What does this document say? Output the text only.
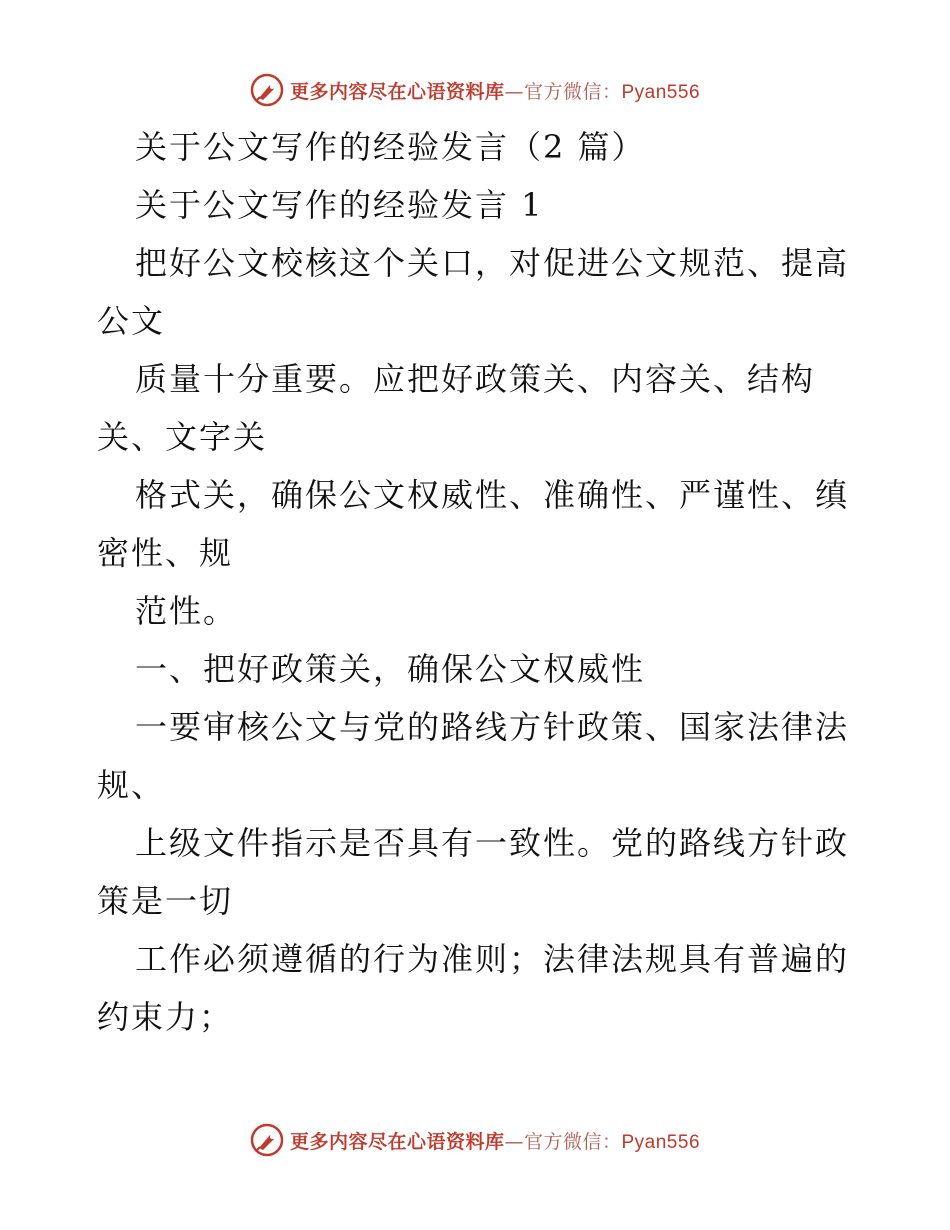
更多内容尽在心语资料库—官方微信：Pyan556
关于公文写作的经验发言（2 篇）
关于公文写作的经验发言 1
把好公文校核这个关口，对促进公文规范、提高
公文
质量十分重要。应把好政策关、内容关、结构
关、文字关
格式关，确保公文权威性、准确性、严谨性、缜
密性、规
范性。
一、把好政策关，确保公文权威性
一要审核公文与党的路线方针政策、国家法律法
规、
上级文件指示是否具有一致性。党的路线方针政
策是一切
工作必须遵循的行为准则；法律法规具有普遍的
约束力；
更多内容尽在心语资料库—官方微信：Pyan556
